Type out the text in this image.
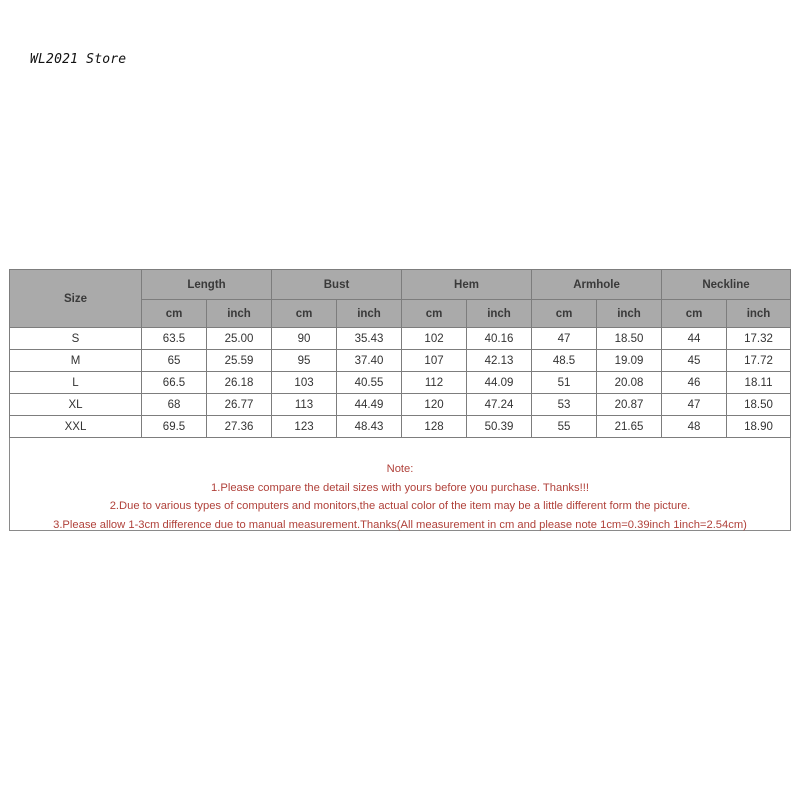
WL2021 Store
Size	Length		Bust		Hem		Armhole		Neckline	
	cm	inch	cm	inch	cm	inch	cm	inch	cm	inch
S	63.5	25.00	90	35.43	102	40.16	47	18.50	44	17.32
M	65	25.59	95	37.40	107	42.13	48.5	19.09	45	17.72
L	66.5	26.18	103	40.55	112	44.09	51	20.08	46	18.11
XL	68	26.77	113	44.49	120	47.24	53	20.87	47	18.50
XXL	69.5	27.36	123	48.43	128	50.39	55	21.65	48	18.90
Note:
1.Please compare the detail sizes with yours before you purchase. Thanks!!!
2.Due to various types of computers and monitors,the actual color of the item may be a little different form the picture.
3.Please allow 1-3cm difference due to manual measurement.Thanks(All measurement in cm and please note 1cm=0.39inch 1inch=2.54cm)
